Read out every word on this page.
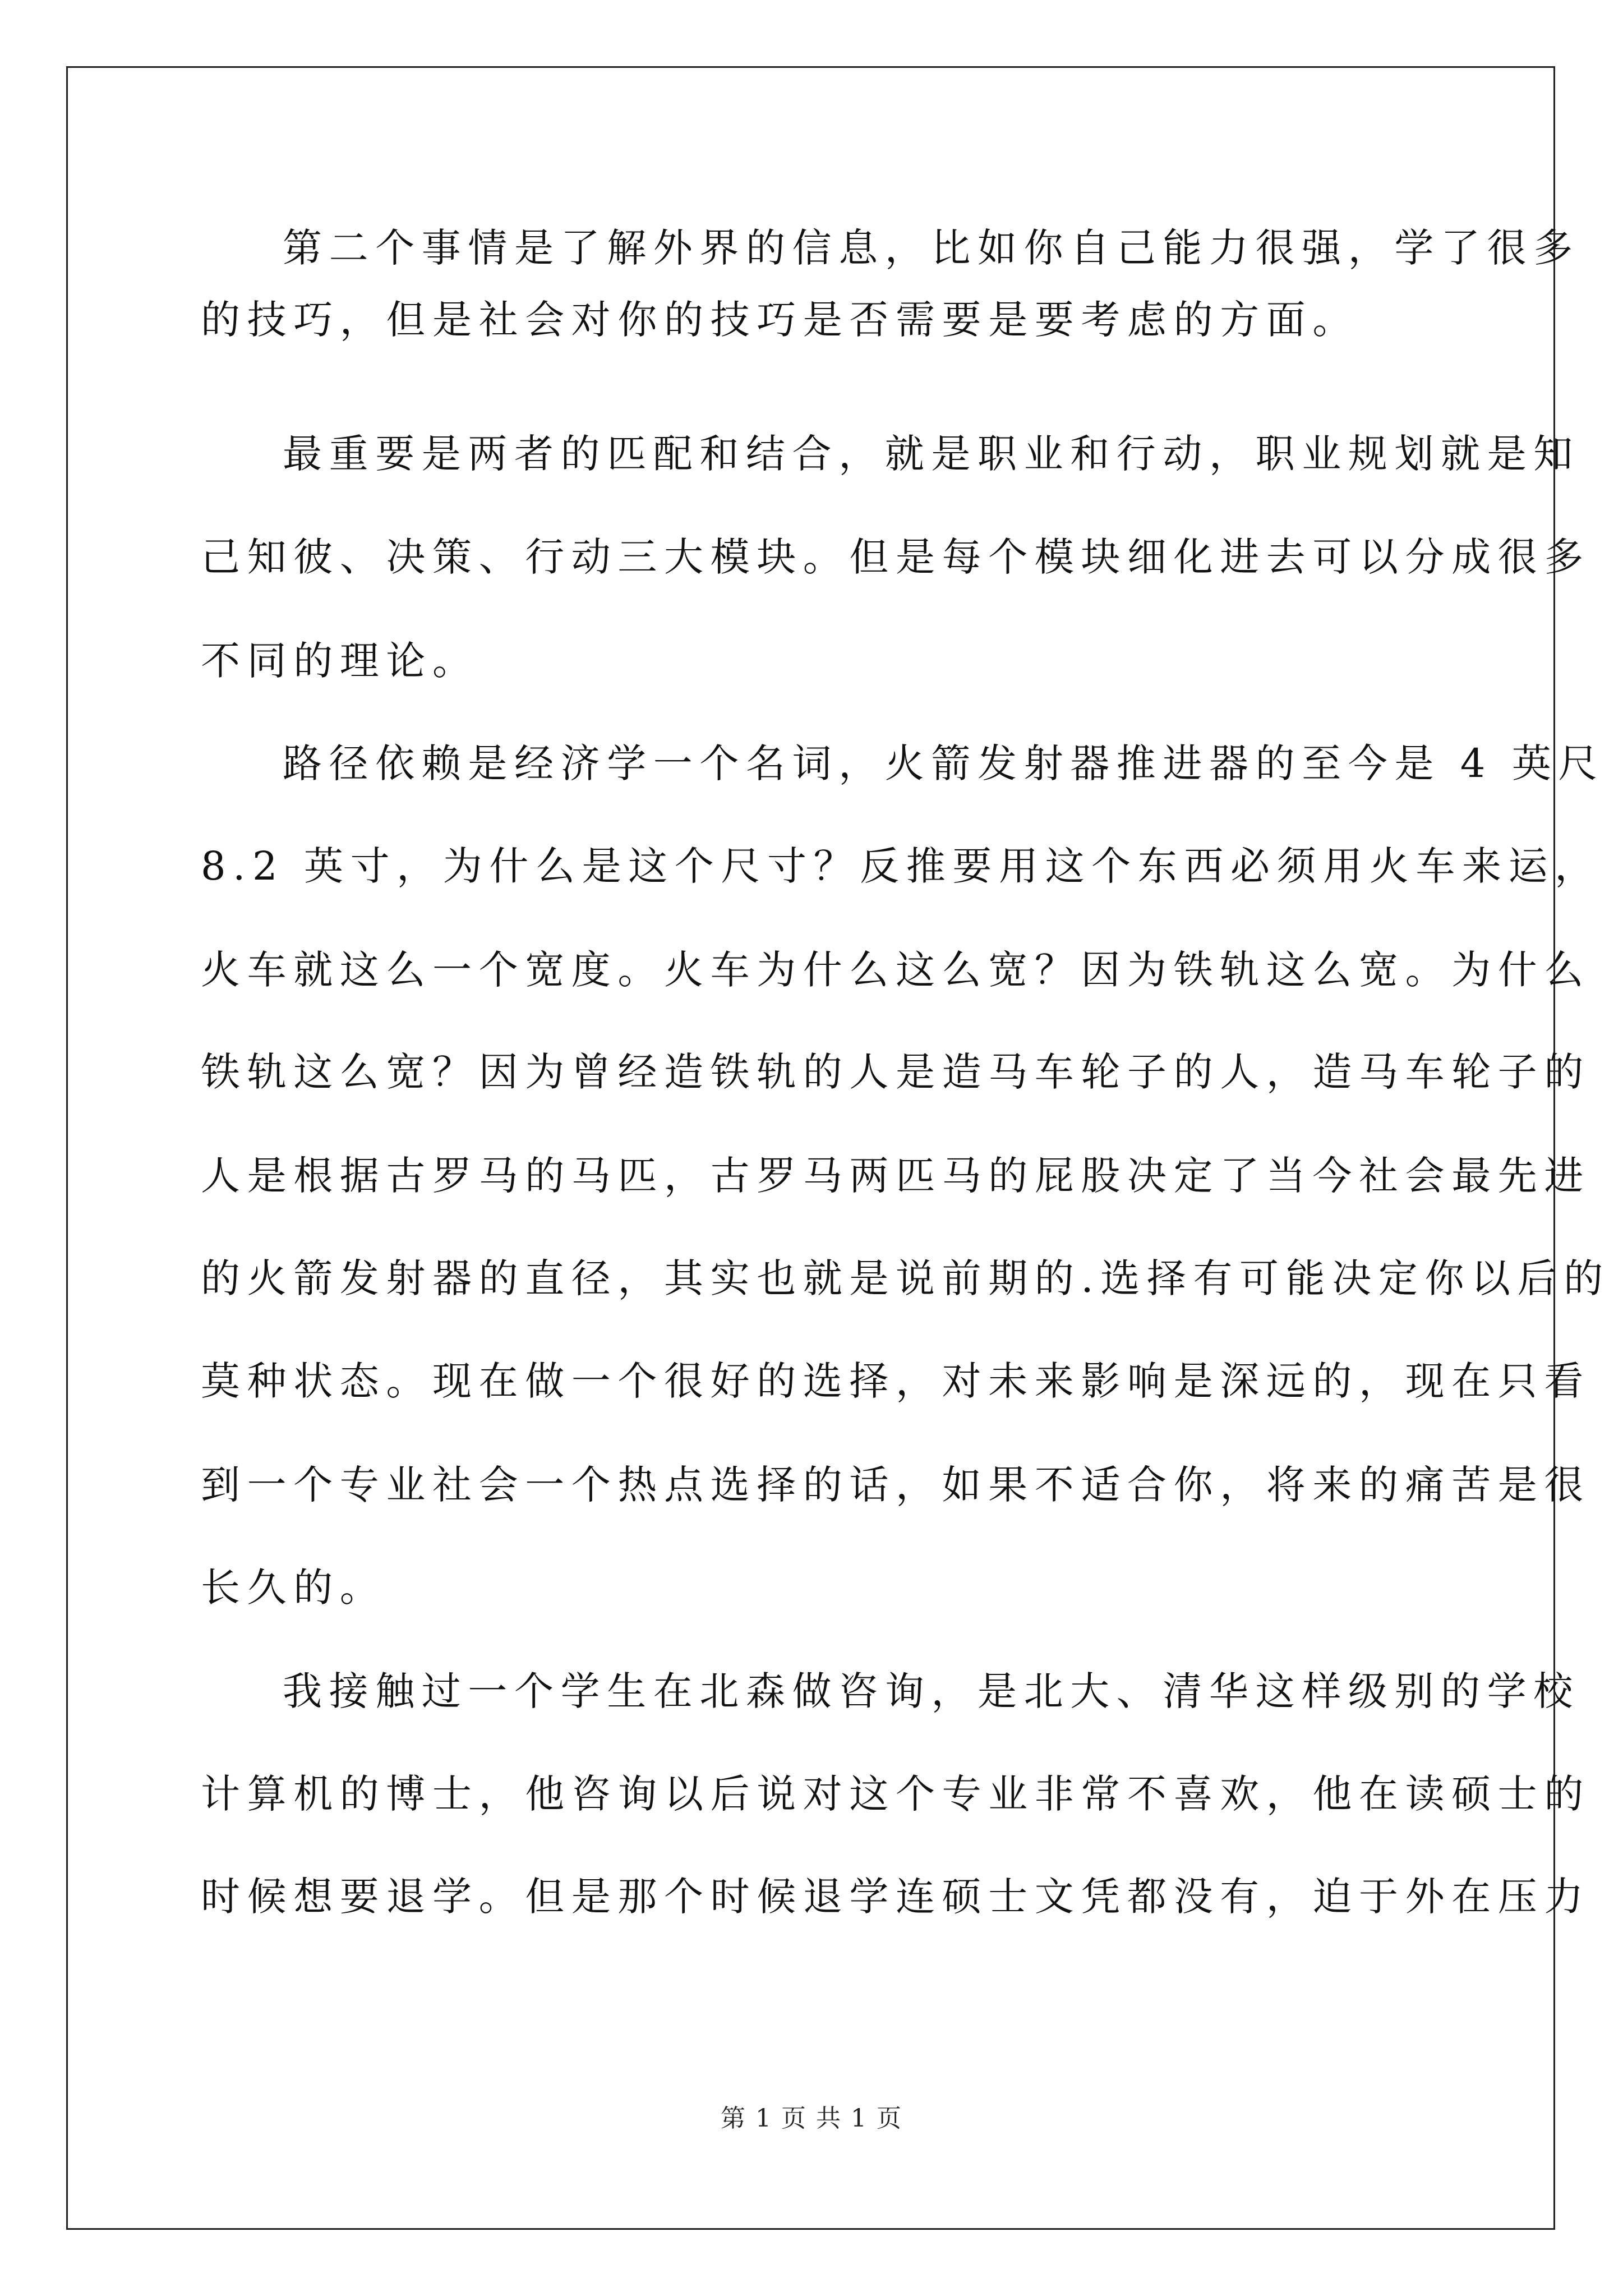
第二个事情是了解外界的信息，比如你自己能力很强，学了很多
的技巧，但是社会对你的技巧是否需要是要考虑的方面。
最重要是两者的匹配和结合，就是职业和行动，职业规划就是知
己知彼、决策、行动三大模块。但是每个模块细化进去可以分成很多
不同的理论。
路径依赖是经济学一个名词，火箭发射器推进器的至今是 4 英尺
8.2 英寸，为什么是这个尺寸？反推要用这个东西必须用火车来运，
火车就这么一个宽度。火车为什么这么宽？因为铁轨这么宽。为什么
铁轨这么宽？因为曾经造铁轨的人是造马车轮子的人，造马车轮子的
人是根据古罗马的马匹，古罗马两匹马的屁股决定了当今社会最先进
的火箭发射器的直径，其实也就是说前期的.选择有可能决定你以后的
莫种状态。现在做一个很好的选择，对未来影响是深远的，现在只看
到一个专业社会一个热点选择的话，如果不适合你，将来的痛苦是很
长久的。
我接触过一个学生在北森做咨询，是北大、清华这样级别的学校
计算机的博士，他咨询以后说对这个专业非常不喜欢，他在读硕士的
时候想要退学。但是那个时候退学连硕士文凭都没有，迫于外在压力
第 1 页 共 1 页
